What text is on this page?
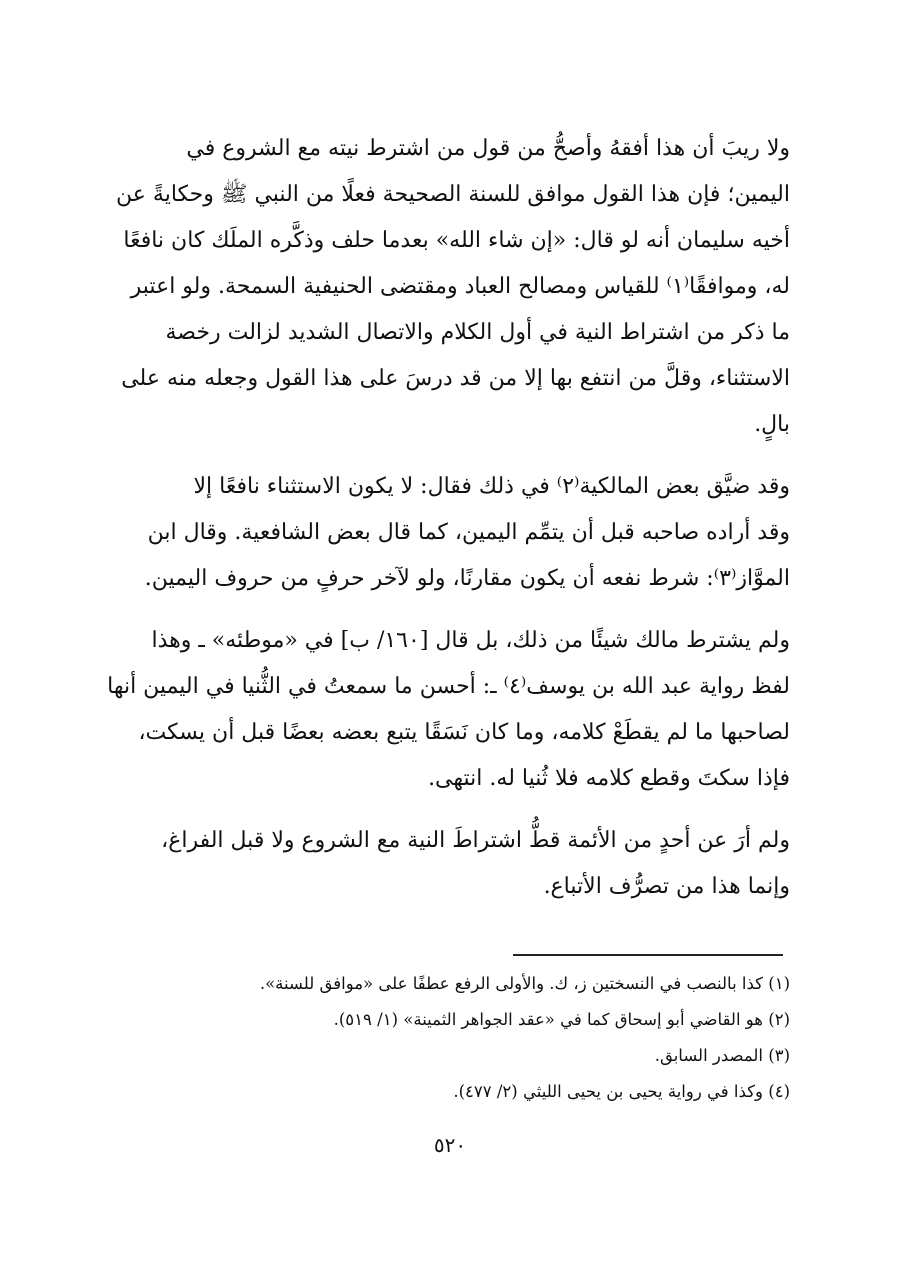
ولا ريبَ أن هذا أفقهُ وأصحُّ من قول من اشترط نيته مع الشروع في
اليمين؛ فإن هذا القول موافق للسنة الصحيحة فعلًا من النبي ﷺ وحكايةً عن
أخيه سليمان أنه لو قال: «إن شاء الله» بعدما حلف وذكَّره الملَك كان نافعًا
له، وموافقًا⁽١⁾ للقياس ومصالح العباد ومقتضى الحنيفية السمحة. ولو اعتبر
ما ذكر من اشتراط النية في أول الكلام والاتصال الشديد لزالت رخصة
الاستثناء، وقلَّ من انتفع بها إلا من قد درسَ على هذا القول وجعله منه على
بالٍ.

وقد ضيَّق بعض المالكية⁽٢⁾ في ذلك فقال: لا يكون الاستثناء نافعًا إلا
وقد أراده صاحبه قبل أن يتمِّم اليمين، كما قال بعض الشافعية. وقال ابن
الموَّاز⁽٣⁾: شرط نفعه أن يكون مقارنًا، ولو لآخر حرفٍ من حروف اليمين.

ولم يشترط مالك شيئًا من ذلك، بل قال [١٦٠/ ب] في «موطئه» ـ وهذا
لفظ رواية عبد الله بن يوسف⁽٤⁾ ـ: أحسن ما سمعتُ في الثُّنيا في اليمين أنها
لصاحبها ما لم يقطَعْ كلامه، وما كان نَسَقًا يتبع بعضه بعضًا قبل أن يسكت،
فإذا سكتَ وقطع كلامه فلا ثُنيا له. انتهى.

ولم أرَ عن أحدٍ من الأئمة قطُّ اشتراطَ النية مع الشروع ولا قبل الفراغ،
وإنما هذا من تصرُّف الأتباع.

(١) كذا بالنصب في النسختين ز، ك. والأولى الرفع عطفًا على «موافق للسنة».
(٢) هو القاضي أبو إسحاق كما في «عقد الجواهر الثمينة» (١/ ٥١٩).
(٣) المصدر السابق.
(٤) وكذا في رواية يحيى بن يحيى الليثي (٢/ ٤٧٧).
٥٢٠
